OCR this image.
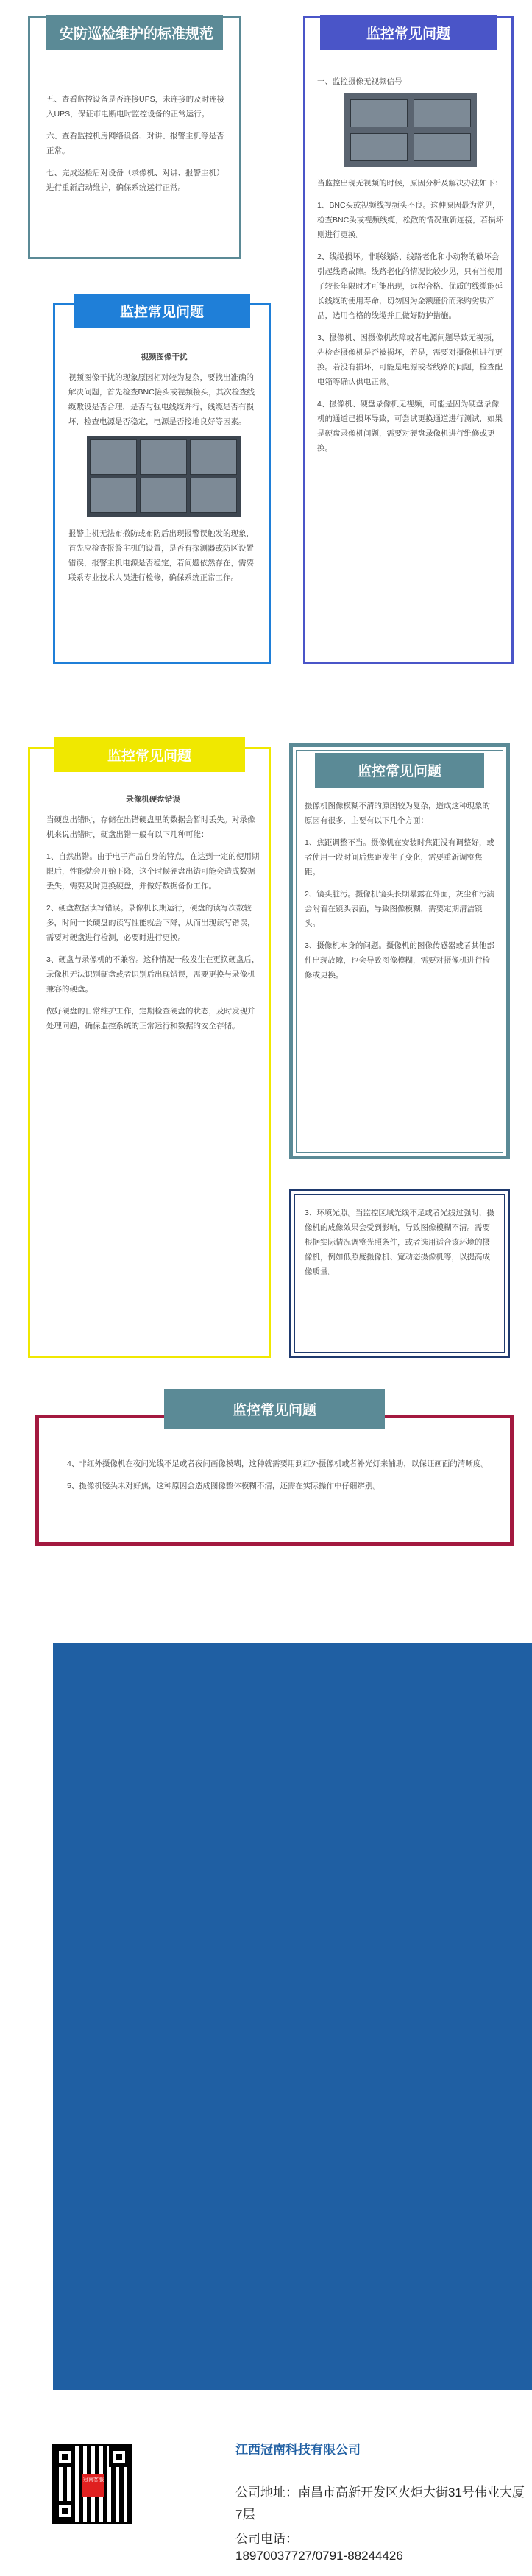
安防巡检维护的标准规范

五、查看监控设备是否连接UPS，未连接的及时连接入UPS，保证市电断电时监控设备的正常运行。

六、查看监控机房网络设备、对讲、报警主机等是否正常。

七、完成巡检后对设备（录像机、对讲、报警主机）进行重新启动维护，确保系统运行正常。

监控常见问题

一、监控摄像无视频信号

当监控出现无视频的时候，原因分析及解决办法如下：

1、BNC头或视频线视频头不良。这种原因最为常见，检查BNC头或视频线缆，松散的情况重新连接，若损坏则进行更换。

2、线缆损坏。非联线路、线路老化和小动物的破坏会引起线路故障。线路老化的情况比较少见，只有当使用了较长年限时才可能出现，远程合格、优质的线缆能延长线缆的使用寿命，切勿因为金额廉价而采购劣质产品，选用合格的线缆并且做好防护措施。

3、摄像机、因摄像机故障或者电源问题导致无视频，先检查摄像机是否被损坏，若是，需要对摄像机进行更换。若没有损坏，可能是电源或者线路的问题，检查配电箱等确认供电正常。

4、摄像机、硬盘录像机无视频，可能是因为硬盘录像机的通道已损坏导致，可尝试更换通道进行测试，如果是硬盘录像机问题，需要对硬盘录像机进行维修或更换。

监控常见问题
视频图像干扰

视频图像干扰的现象原因相对较为复杂，要找出准确的解决问题，首先检查BNC接头或视频接头，其次检查线缆敷设是否合理，是否与强电线缆并行，线缆是否有损坏，检查电源是否稳定，电源是否接地良好等因素。

报警主机无法布撤防或布防后出现报警误触发的现象，首先应检查报警主机的设置，是否有探测器或防区设置错误，报警主机电源是否稳定，若问题依然存在，需要联系专业技术人员进行检修，确保系统正常工作。

监控常见问题
录像机硬盘错误

当硬盘出错时，存储在出错硬盘里的数据会暂时丢失。对录像机来说出错时，硬盘出错一般有以下几种可能：

1、自然出错。由于电子产品自身的特点，在达到一定的使用期限后，性能就会开始下降，这个时候硬盘出错可能会造成数据丢失，需要及时更换硬盘，并做好数据备份工作。

2、硬盘数据读写错误。录像机长期运行，硬盘的读写次数较多，时间一长硬盘的读写性能就会下降，从而出现读写错误，需要对硬盘进行检测，必要时进行更换。

3、硬盘与录像机的不兼容。这种情况一般发生在更换硬盘后，录像机无法识别硬盘或者识别后出现错误，需要更换与录像机兼容的硬盘。

做好硬盘的日常维护工作，定期检查硬盘的状态，及时发现并处理问题，确保监控系统的正常运行和数据的安全存储。

监控常见问题

摄像机图像模糊不清的原因较为复杂，造成这种现象的原因有很多，主要有以下几个方面：

1、焦距调整不当。摄像机在安装时焦距没有调整好，或者使用一段时间后焦距发生了变化，需要重新调整焦距。

2、镜头脏污。摄像机镜头长期暴露在外面，灰尘和污渍会附着在镜头表面，导致图像模糊，需要定期清洁镜头。

3、摄像机本身的问题。摄像机的图像传感器或者其他部件出现故障，也会导致图像模糊，需要对摄像机进行检修或更换。

3、环境光照。当监控区域光线不足或者光线过强时，摄像机的成像效果会受到影响，导致图像模糊不清。需要根据实际情况调整光照条件，或者选用适合该环境的摄像机，例如低照度摄像机、宽动态摄像机等，以提高成像质量。

监控常见问题

4、非红外摄像机在夜间光线不足或者夜间画像模糊，这种就需要用到红外摄像机或者补光灯来辅助，以保证画面的清晰度。

5、摄像机镜头未对好焦，这种原因会造成图像整体模糊不清，还需在实际操作中仔细辨别。

冠南客服
江西冠南科技有限公司
公司地址：南昌市高新开发区火炬大街31号伟业大厦7层
公司电话：
18970037727/0791-88244426
